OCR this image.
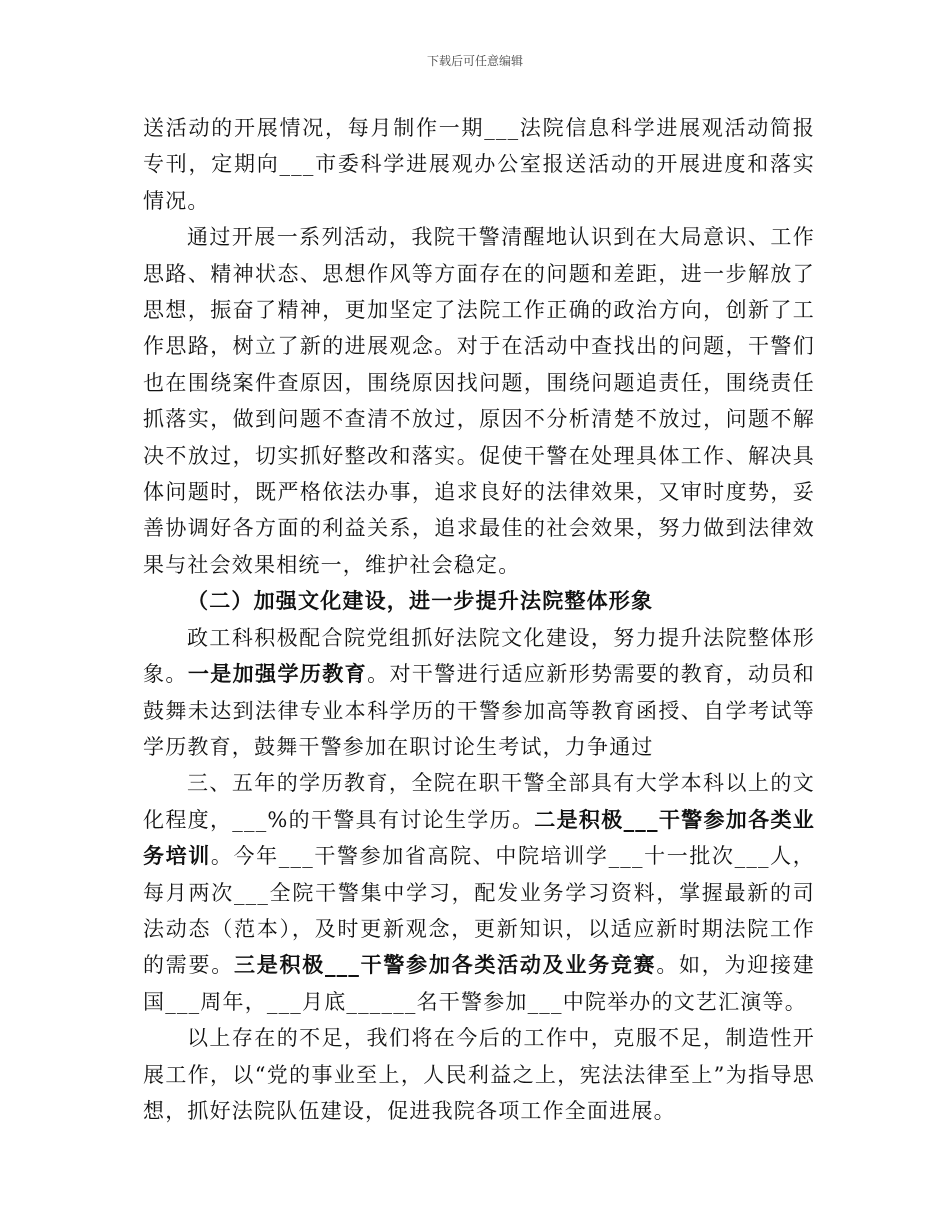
下载后可任意编辑

送活动的开展情况，每月制作一期___法院信息科学进展观活动简报专刊，定期向___市委科学进展观办公室报送活动的开展进度和落实情况。

通过开展一系列活动，我院干警清醒地认识到在大局意识、工作思路、精神状态、思想作风等方面存在的问题和差距，进一步解放了思想，振奋了精神，更加坚定了法院工作正确的政治方向，创新了工作思路，树立了新的进展观念。对于在活动中查找出的问题，干警们也在围绕案件查原因，围绕原因找问题，围绕问题追责任，围绕责任抓落实，做到问题不查清不放过，原因不分析清楚不放过，问题不解决不放过，切实抓好整改和落实。促使干警在处理具体工作、解决具体问题时，既严格依法办事，追求良好的法律效果，又审时度势，妥善协调好各方面的利益关系，追求最佳的社会效果，努力做到法律效果与社会效果相统一，维护社会稳定。

（二）加强文化建设，进一步提升法院整体形象

政工科积极配合院党组抓好法院文化建设，努力提升法院整体形象。一是加强学历教育。对干警进行适应新形势需要的教育，动员和鼓舞未达到法律专业本科学历的干警参加高等教育函授、自学考试等学历教育，鼓舞干警参加在职讨论生考试，力争通过

三、五年的学历教育，全院在职干警全部具有大学本科以上的文化程度，___%的干警具有讨论生学历。二是积极___干警参加各类业务培训。今年___干警参加省高院、中院培训学___十一批次___人，每月两次___全院干警集中学习，配发业务学习资料，掌握最新的司法动态（范本），及时更新观念，更新知识，以适应新时期法院工作的需要。三是积极___干警参加各类活动及业务竞赛。如，为迎接建国___周年，___月底______名干警参加___中院举办的文艺汇演等。

以上存在的不足，我们将在今后的工作中，克服不足，制造性开展工作，以“党的事业至上，人民利益之上，宪法法律至上”为指导思想，抓好法院队伍建设，促进我院各项工作全面进展。
